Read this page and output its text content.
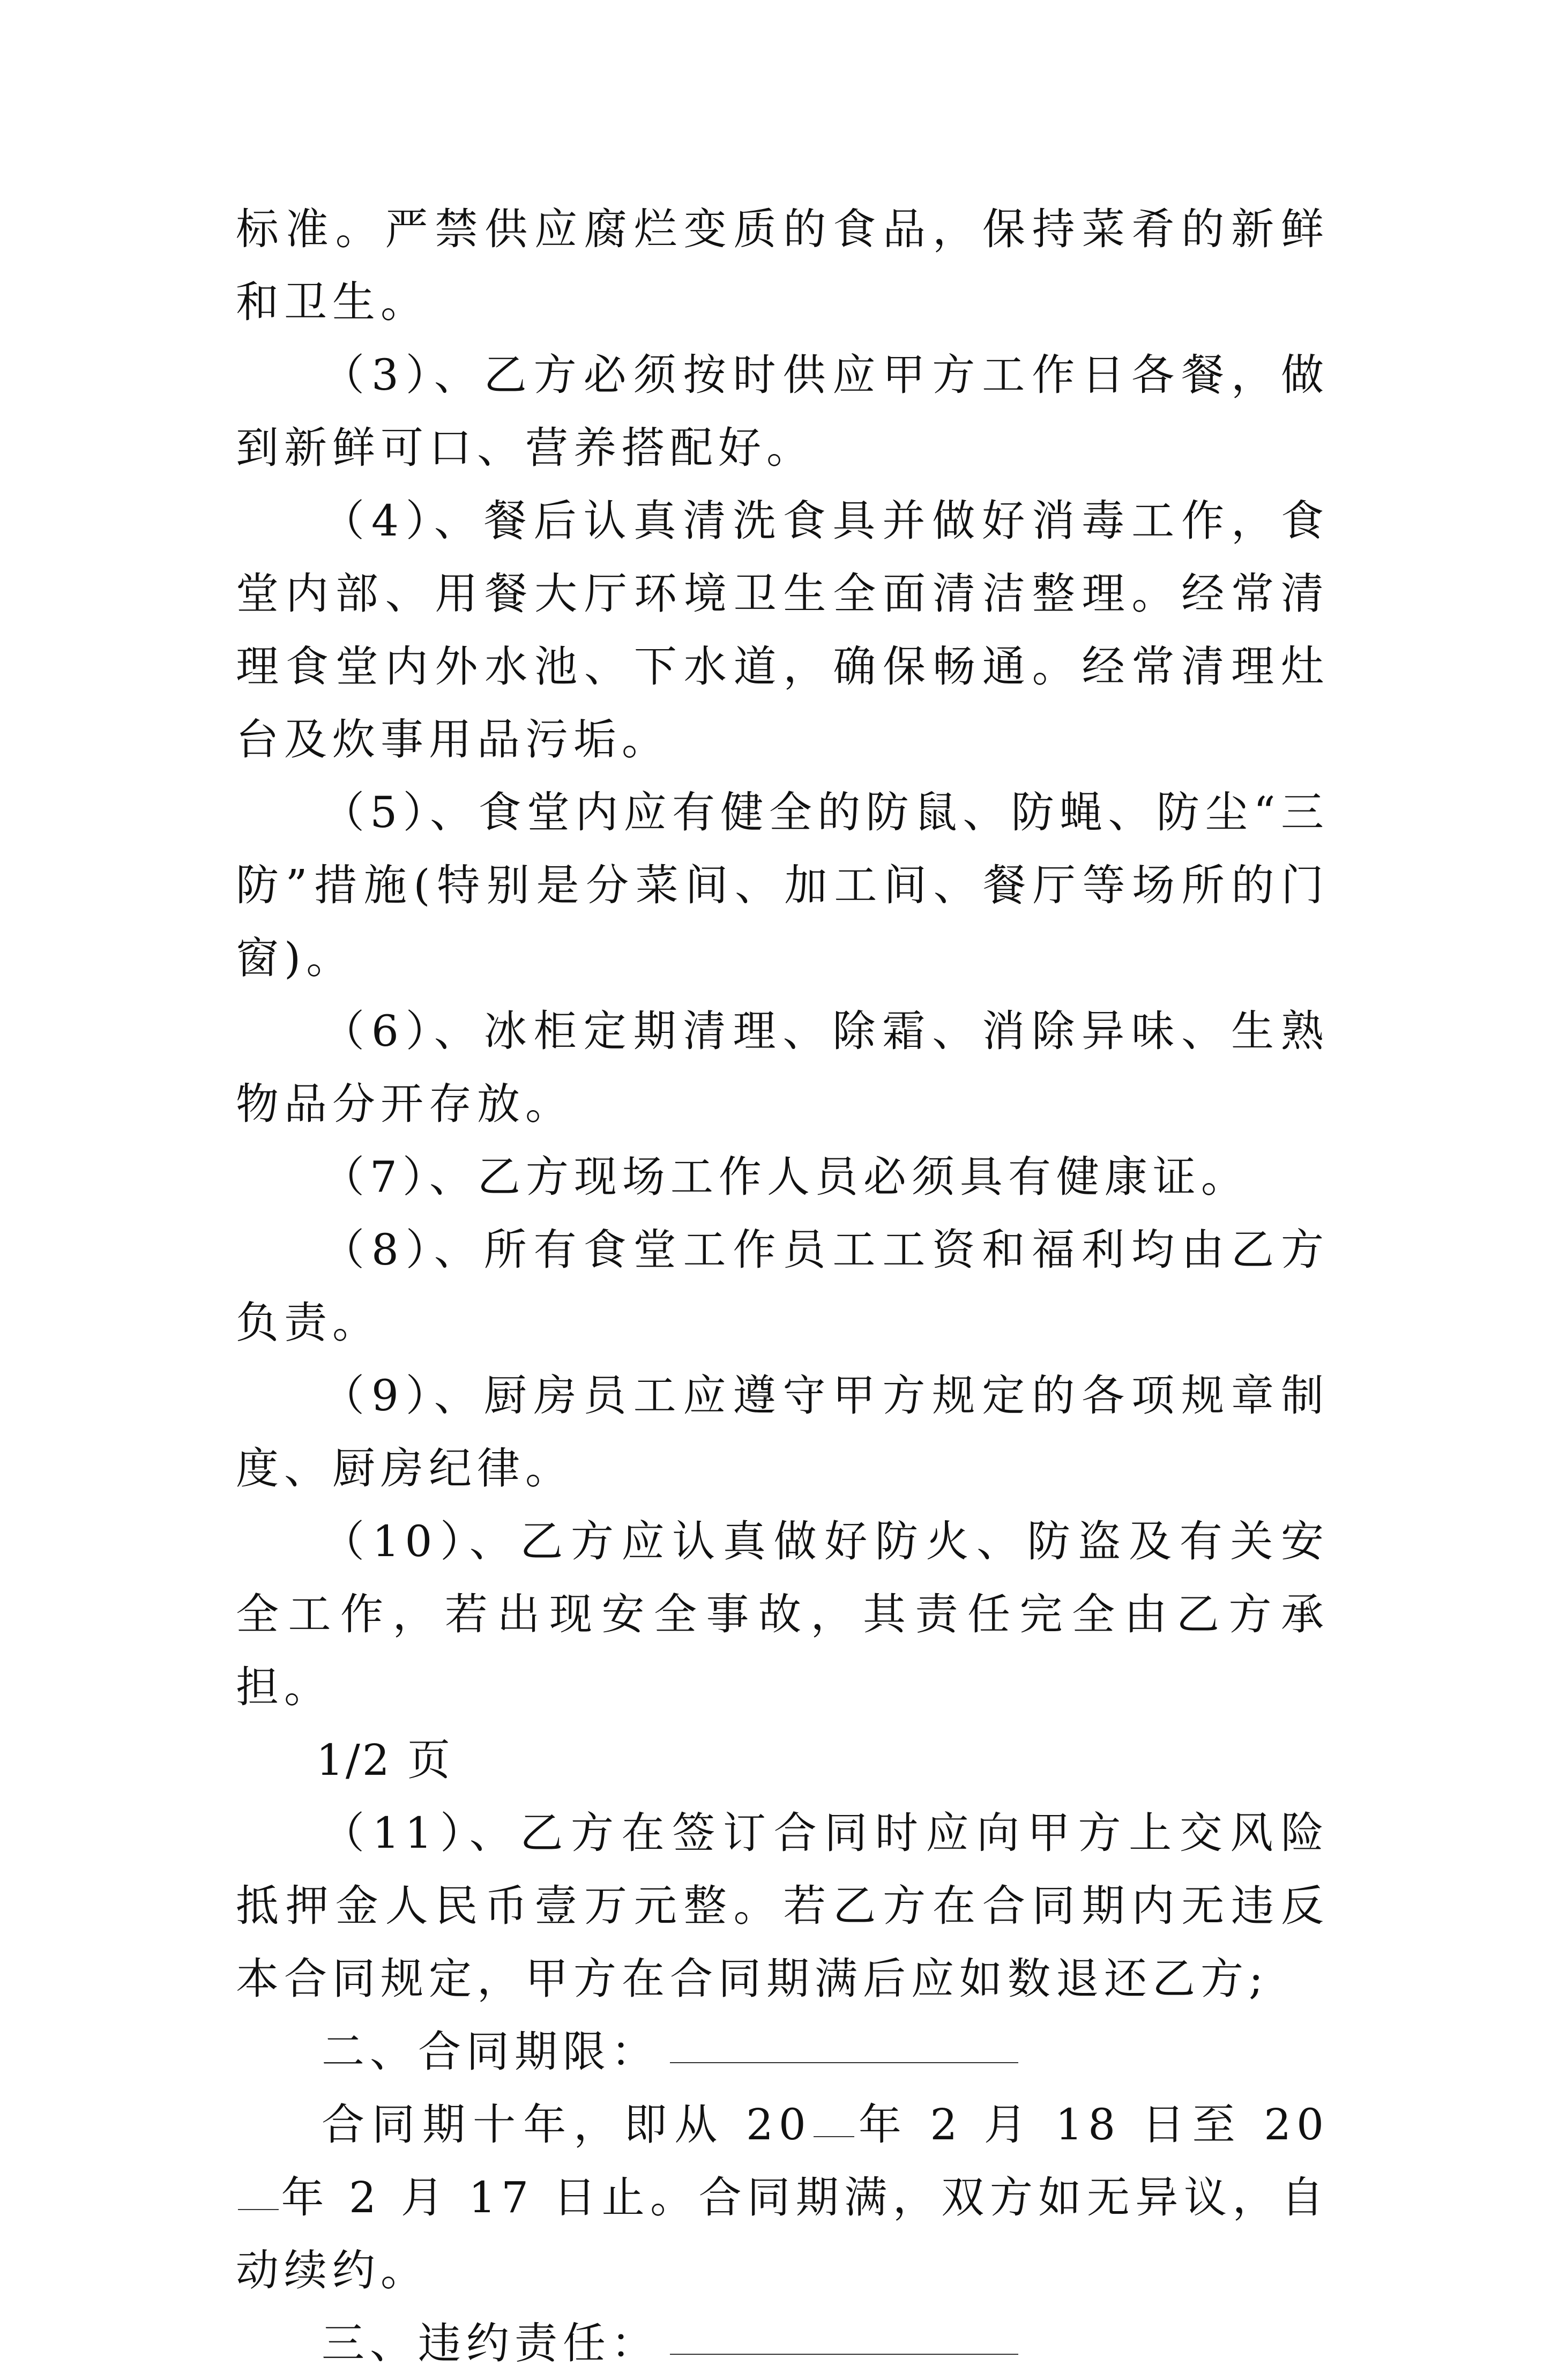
标准。严禁供应腐烂变质的食品，保持菜肴的新鲜和卫生。

（3）、乙方必须按时供应甲方工作日各餐，做到新鲜可口、营养搭配好。

（4）、餐后认真清洗食具并做好消毒工作，食堂内部、用餐大厅环境卫生全面清洁整理。经常清理食堂内外水池、下水道，确保畅通。经常清理灶台及炊事用品污垢。

（5）、食堂内应有健全的防鼠、防蝇、防尘“三防”措施(特别是分菜间、加工间、餐厅等场所的门窗)。

（6）、冰柜定期清理、除霜、消除异味、生熟物品分开存放。

（7）、乙方现场工作人员必须具有健康证。

（8）、所有食堂工作员工工资和福利均由乙方负责。

（9）、厨房员工应遵守甲方规定的各项规章制度、厨房纪律。

（10）、乙方应认真做好防火、防盗及有关安全工作，若出现安全事故，其责任完全由乙方承担。

1/2 页

（11）、乙方在签订合同时应向甲方上交风险抵押金人民币壹万元整。若乙方在合同期内无违反本合同规定，甲方在合同期满后应如数退还乙方;

二、合同期限：

合同期十年，即从 20 年 2 月 18 日至 20年 2 月 17 日止。合同期满，双方如无异议，自动续约。

三、违约责任：
